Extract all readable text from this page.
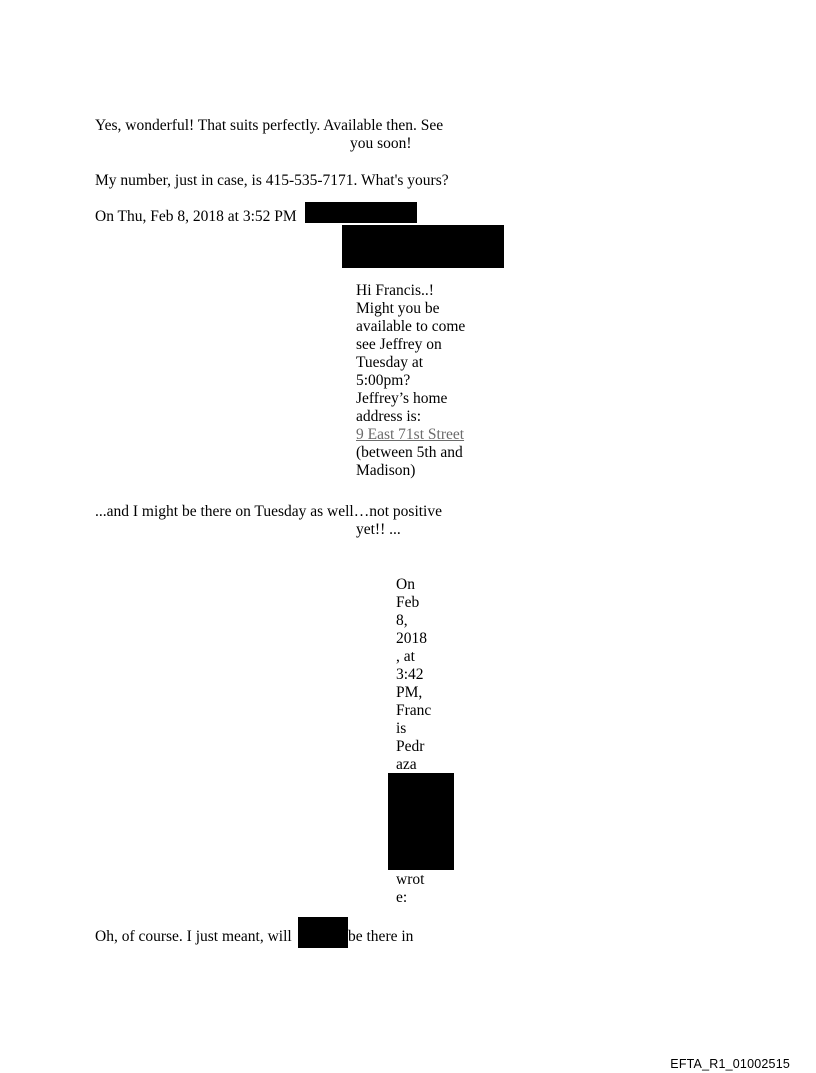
Yes, wonderful! That suits perfectly. Available then. See
you soon!
My number, just in case, is 415-535-7171. What's yours?
On Thu, Feb 8, 2018 at 3:52 PM
Hi Francis..!
Might you be
available to come
see Jeffrey on
Tuesday at
5:00pm?
Jeffrey’s home
address is:
9 East 71st Street
(between 5th and
Madison)
...and I might be there on Tuesday as well…not positive
yet!! ...
On
Feb
8,
2018
, at
3:42
PM,
Franc
is
Pedr
aza
wrot
e:
Oh, of course. I just meant, will	be there in
EFTA_R1_01002515
